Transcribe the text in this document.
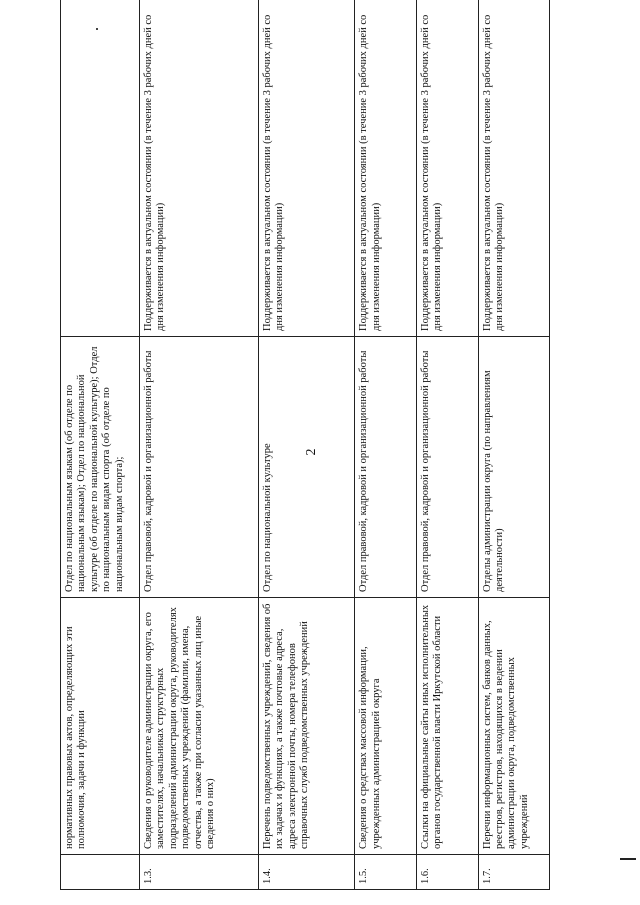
2
	нормативных правовых актов, определяющих эти полномочия, задачи и функции	Отдел по национальным языкам (об отделе по национальным языкам); Отдел по национальной культуре (об отделе по национальной культуре); Отдел по национальным видам спорта (об отделе по национальным видам спорта);	
1.3.	Сведения о руководителе администрации округа, его заместителях, начальниках структурных подразделений администрации округа, руководителях подведомственных учреждений (фамилии, имена, отчества, а также при согласии указанных лиц иные сведения о них)	Отдел правовой, кадровой и организационной работы	Поддерживается в актуальном состоянии (в течение 3 рабочих дней со дня изменения информации)
1.4.	Перечень подведомственных учреждений, сведения об их задачах и функциях, а также почтовые адреса, адреса электронной почты, номера телефонов справочных служб подведомственных учреждений	Отдел по национальной культуре	Поддерживается в актуальном состоянии (в течение 3 рабочих дней со дня изменения информации)
1.5.	Сведения о средствах массовой информации, учрежденных администрацией округа	Отдел правовой, кадровой и организационной работы	Поддерживается в актуальном состоянии (в течение 3 рабочих дней со дня изменения информации)
1.6.	Ссылки на официальные сайты иных исполнительных органов государственной власти Иркутской области	Отдел правовой, кадровой и организационной работы	Поддерживается в актуальном состоянии (в течение 3 рабочих дней со дня изменения информации)
1.7.	Перечни информационных систем, банков данных, реестров, регистров, находящихся в ведении администрации округа, подведомственных учреждений	Отделы администрации округа (по направлениям деятельности)	Поддерживается в актуальном состоянии (в течение 3 рабочих дней со дня изменения информации)
